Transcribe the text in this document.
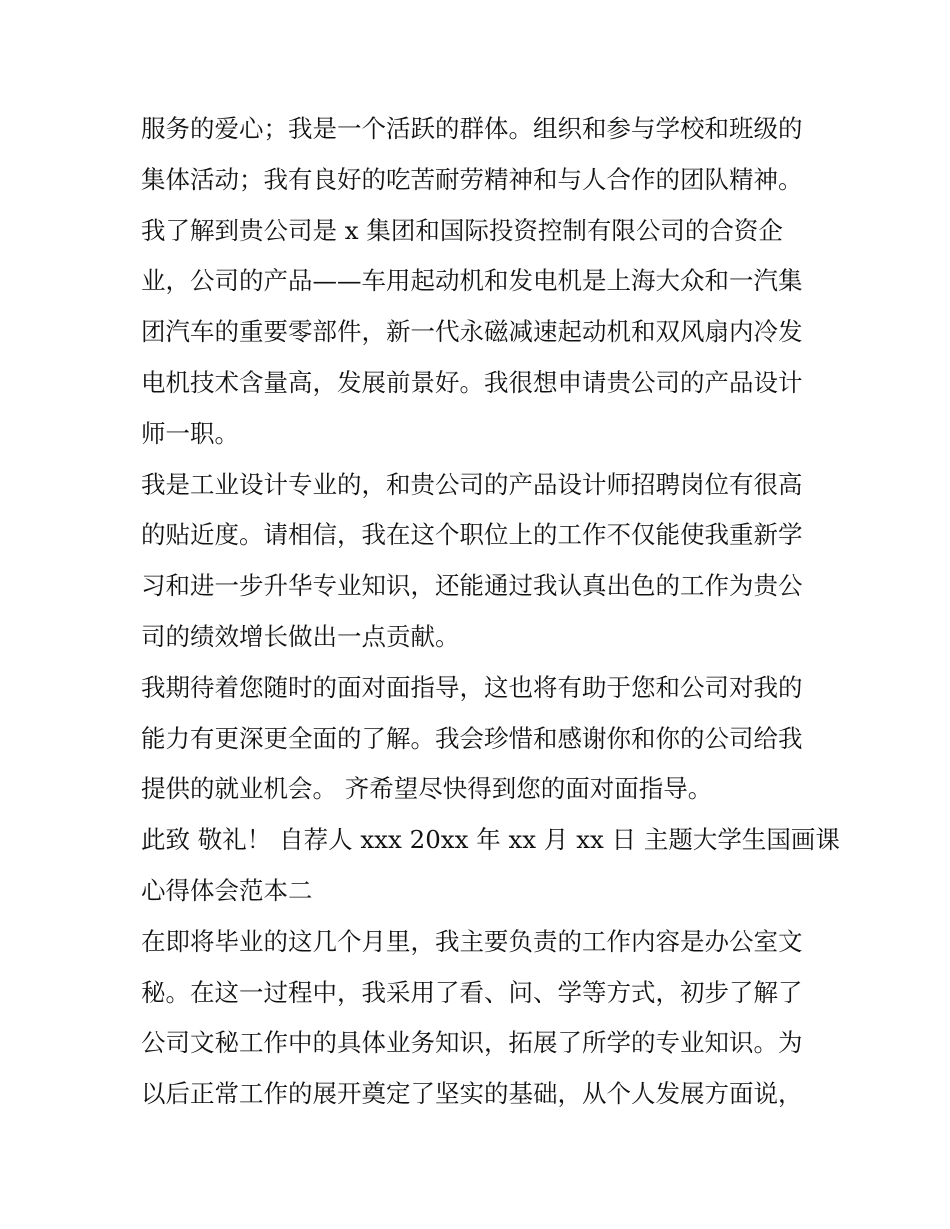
服务的爱心；我是一个活跃的群体。组织和参与学校和班级的
集体活动；我有良好的吃苦耐劳精神和与人合作的团队精神。
我了解到贵公司是 x 集团和国际投资控制有限公司的合资企
业，公司的产品——车用起动机和发电机是上海大众和一汽集
团汽车的重要零部件，新一代永磁减速起动机和双风扇内冷发
电机技术含量高，发展前景好。我很想申请贵公司的产品设计
师一职。
我是工业设计专业的，和贵公司的产品设计师招聘岗位有很高
的贴近度。请相信，我在这个职位上的工作不仅能使我重新学
习和进一步升华专业知识，还能通过我认真出色的工作为贵公
司的绩效增长做出一点贡献。
我期待着您随时的面对面指导，这也将有助于您和公司对我的
能力有更深更全面的了解。我会珍惜和感谢你和你的公司给我
提供的就业机会。 齐希望尽快得到您的面对面指导。
此致 敬礼！ 自荐人 xxx 20xx 年 xx 月 xx 日 主题大学生国画课
心得体会范本二
在即将毕业的这几个月里，我主要负责的工作内容是办公室文
秘。在这一过程中，我采用了看、问、学等方式，初步了解了
公司文秘工作中的具体业务知识，拓展了所学的专业知识。为
以后正常工作的展开奠定了坚实的基础，从个人发展方面说，
